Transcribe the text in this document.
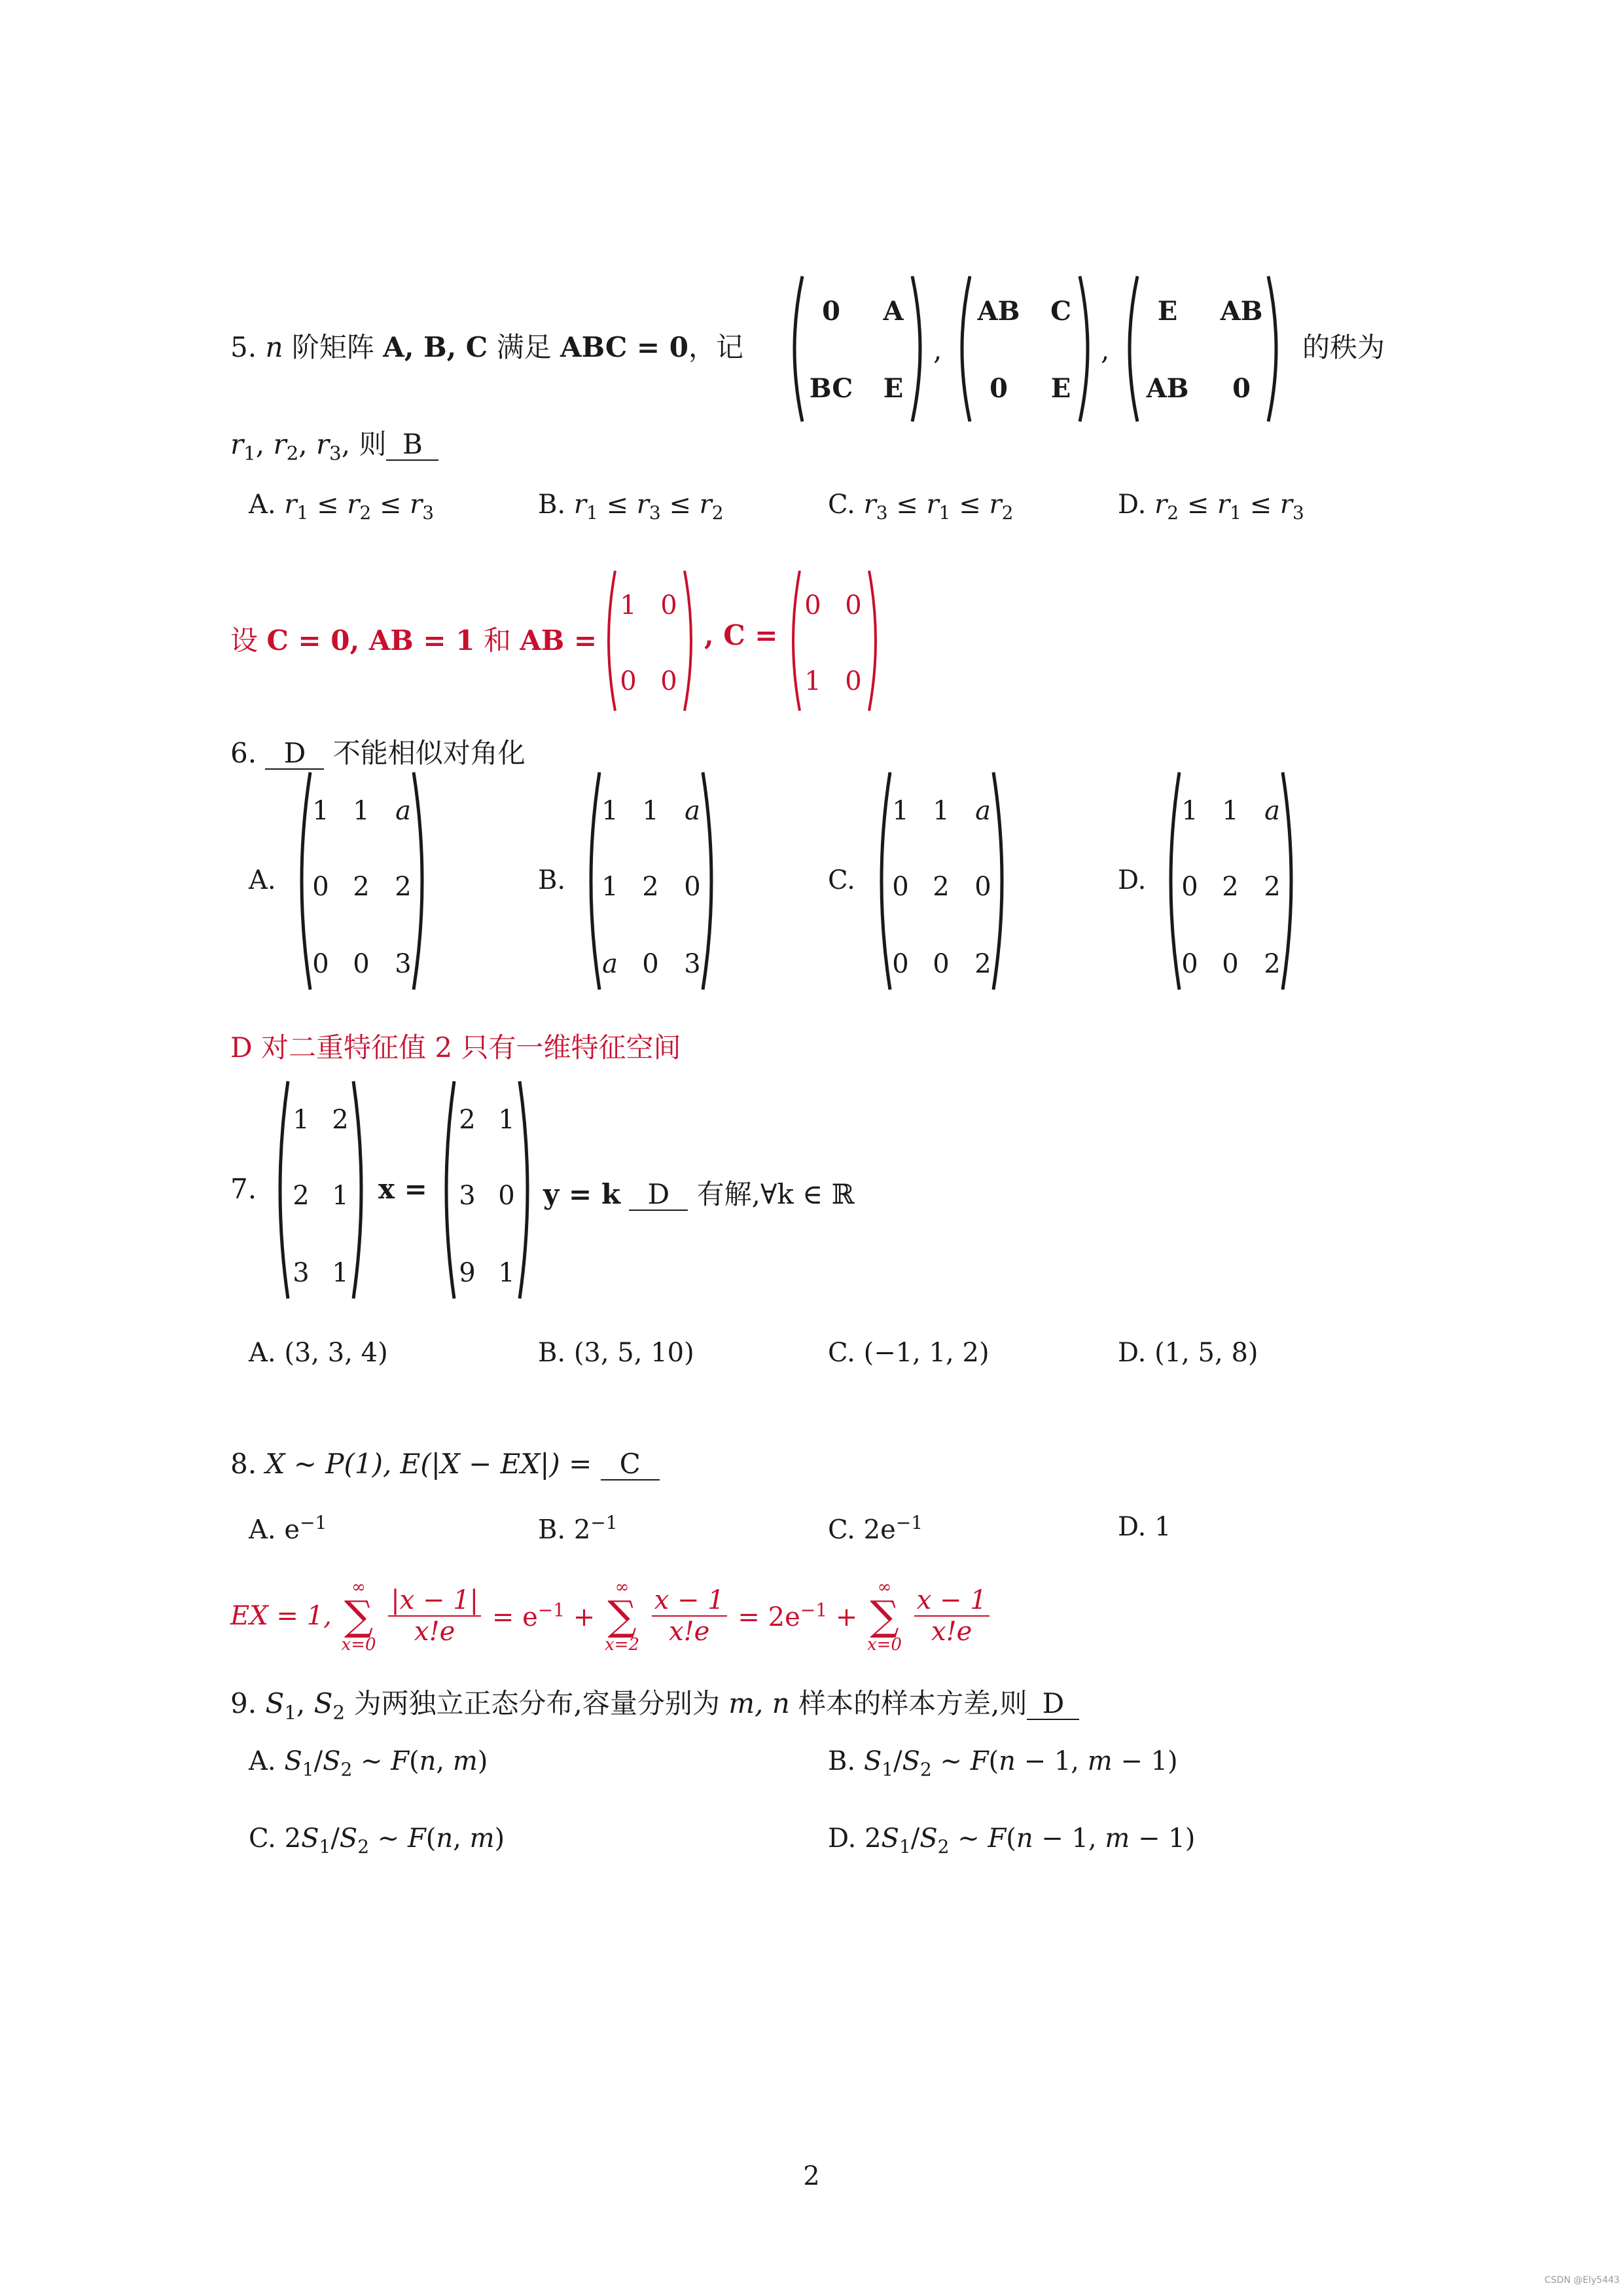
5. n 阶矩阵 A, B, C 满足 ABC = 0，记
0	A
BC	E
,
AB	C
0	E
,
E	AB
AB	0
的秩为
$r_1$, $r_2$, $r_3$, 则 B
A. $r_1 \le r_2 \le r_3$	B. $r_1 \le r_3 \le r_2$	C. $r_3 \le r_1 \le r_2$	D. $r_2 \le r_1 \le r_3$
设 C = 0, AB = 1 和 AB =
1 0
0 0
, C =
0 0
1 0
6. D 不能相似对角化
A.
1 1 a
0 2 2
0 0 3
B.
1 1 a
1 2 0
a 0 3
C.
1 1 a
0 2 0
0 0 2
D.
1 1 a
0 2 2
0 0 2
D 对二重特征值 2 只有一维特征空间
7.
1 2
2 1
3 1
x =
2 1
3 0
9 1
y = k D 有解,∀k ∈ ℝ
A. (3, 3, 4)	B. (3, 5, 10)	C. (−1, 1, 2)	D. (1, 5, 8)
8. X ∼ P(1), E(|X − EX|) = C
A. $e^{-1}$	B. $2^{-1}$	C. $2e^{-1}$	D. 1
EX = 1,
∞
∑
x=0
$\frac{|x - 1|}{x!e} = e^{-1}$ +
∞
∑
x=2
$\frac{x - 1}{x!e} = 2e^{-1}$ +
∞
∑
x=0
$\frac{x - 1}{x!e}$
9. $S_1$, $S_2$ 为两独立正态分布,容量分别为 m, n 样本的样本方差,则 D
A. $S_1/S_2$ ∼ F(n, m)	B. $S_1/S_2$ ∼ F(n − 1, m − 1)
C. $2S_1/S_2$ ∼ F(n, m)	D. $2S_1/S_2$ ∼ F(n − 1, m − 1)
2
CSDN @Ely5443
